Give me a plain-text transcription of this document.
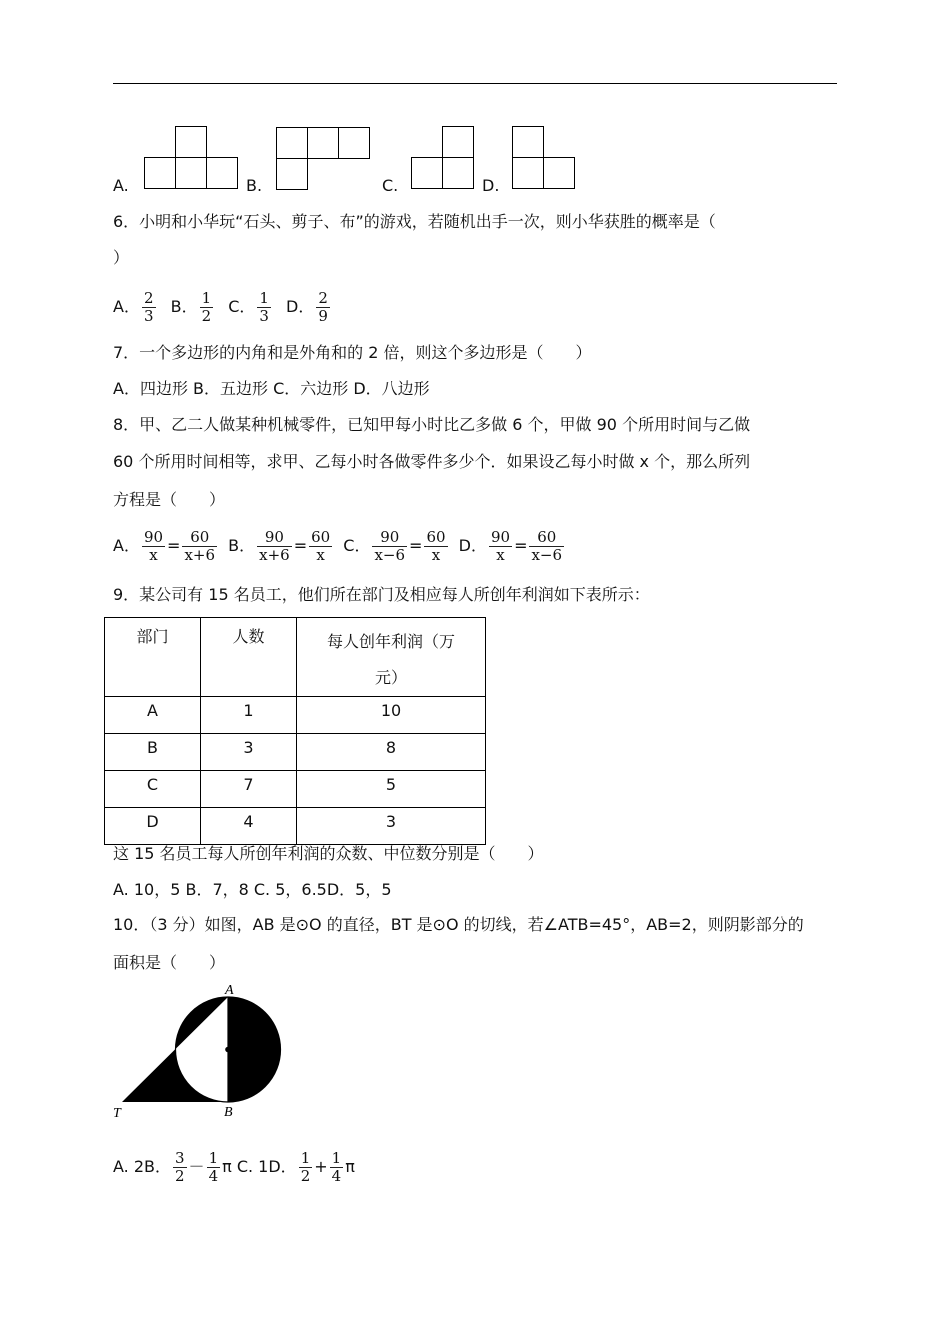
A.	B.	C.	D.
6．小明和小华玩“石头、剪子、布”的游戏，若随机出手一次，则小华获胜的概率是（
）
A． $\frac{2}{3}$ B． $\frac{1}{2}$ C． $\frac{1}{3}$ D． $\frac{2}{9}$
7．一个多边形的内角和是外角和的 2 倍，则这个多边形是（　　）
A．四边形 B．五边形 C．六边形 D．八边形
8．甲、乙二人做某种机械零件，已知甲每小时比乙多做 6 个，甲做 90 个所用时间与乙做
60 个所用时间相等，求甲、乙每小时各做零件多少个．如果设乙每小时做 x 个，那么所列
方程是（　　）
A． $\frac{90}{x} = \frac{60}{x+6}$ B． $\frac{90}{x+6} = \frac{60}{x}$ C． $\frac{90}{x-6} = \frac{60}{x}$ D． $\frac{90}{x} = \frac{60}{x-6}$
9．某公司有 15 名员工，他们所在部门及相应每人所创年利润如下表所示：
部门	人数	每人创年利润（万
元）

A	1	10
B	3	8
C	7	5
D	4	3
这 15 名员工每人所创年利润的众数、中位数分别是（　　）
A. 10，5 B．7，8 C. 5，6.5D．5，5
10．（3 分）如图，AB 是⊙O 的直径，BT 是⊙O 的切线，若∠ATB=45°，AB=2，则阴影部分的
面积是（　　）
A
O
T	B
A. 2B． $\frac{3}{2} - \frac{1}{4}$ π C. 1D． $\frac{1}{2} + \frac{1}{4}$ π
